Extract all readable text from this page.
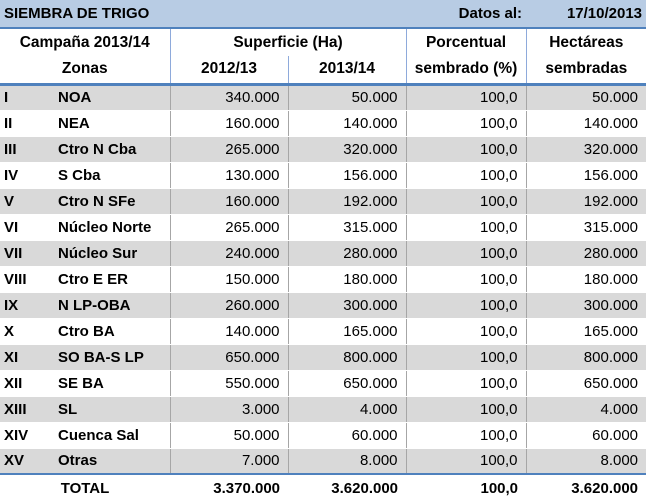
SIEMBRA DE TRIGO			Datos al:		17/10/2013
Campaña 2013/14		Superficie (Ha)		Porcentual	Hectáreas
Zonas		2012/13	2013/14	sembrado (%)	sembradas
I	NOA	340.000	50.000	100,0	50.000
II	NEA	160.000	140.000	100,0	140.000
III	Ctro N Cba	265.000	320.000	100,0	320.000
IV	S Cba	130.000	156.000	100,0	156.000
V	Ctro N SFe	160.000	192.000	100,0	192.000
VI	Núcleo Norte	265.000	315.000	100,0	315.000
VII	Núcleo Sur	240.000	280.000	100,0	280.000
VIII	Ctro E ER	150.000	180.000	100,0	180.000
IX	N LP-OBA	260.000	300.000	100,0	300.000
X	Ctro BA	140.000	165.000	100,0	165.000
XI	SO BA-S LP	650.000	800.000	100,0	800.000
XII	SE BA	550.000	650.000	100,0	650.000
XIII	SL	3.000	4.000	100,0	4.000
XIV	Cuenca Sal	50.000	60.000	100,0	60.000
XV	Otras	7.000	8.000	100,0	8.000
TOTAL		3.370.000	3.620.000	100,0	3.620.000
